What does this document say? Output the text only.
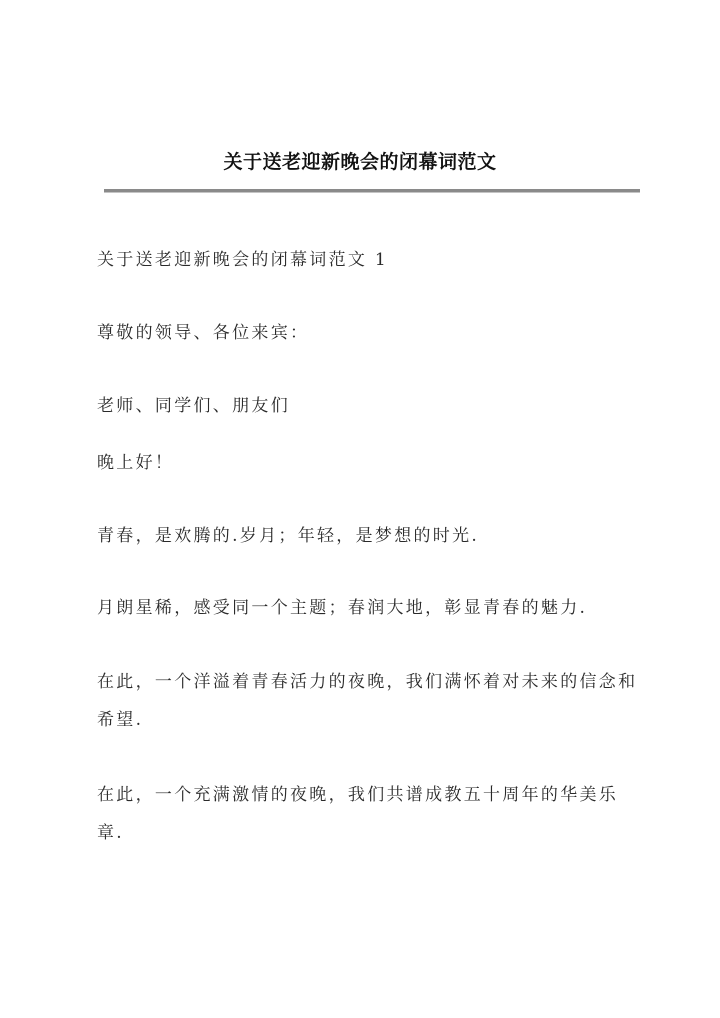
关于送老迎新晚会的闭幕词范文
关于送老迎新晚会的闭幕词范文 1
尊敬的领导、各位来宾：
老师、同学们、朋友们
晚上好！
青春，是欢腾的.岁月；年轻，是梦想的时光.
月朗星稀，感受同一个主题；春润大地，彰显青春的魅力.
在此，一个洋溢着青春活力的夜晚，我们满怀着对未来的信念和
希望.
在此，一个充满激情的夜晚，我们共谱成教五十周年的华美乐
章.
